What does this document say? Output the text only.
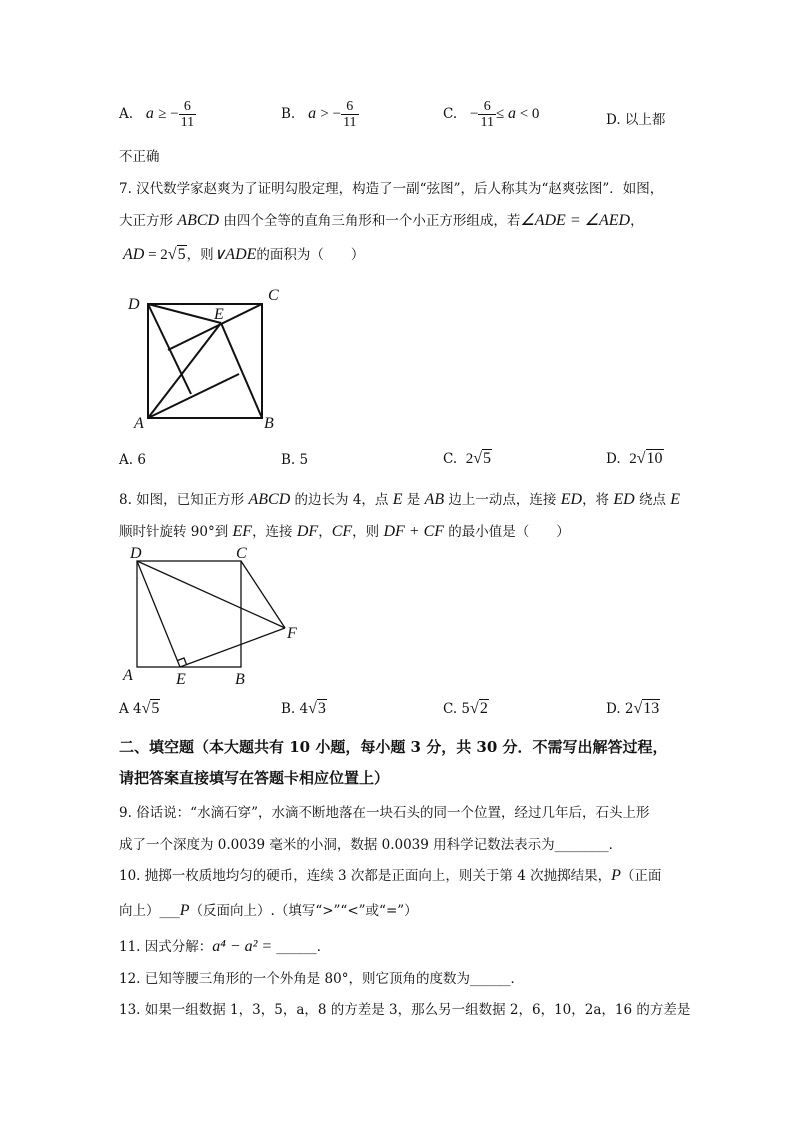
A. a ≥ − $\frac{6}{11}$	B. a > − $\frac{6}{11}$	C. − $\frac{6}{11} \le a < 0$	D. 以上都
不正确
7. 汉代数学家赵爽为了证明勾股定理，构造了一副“弦图”，后人称其为“赵爽弦图”．如图，
大正方形 ABCD 由四个全等的直角三角形和一个小正方形组成，若∠ADE = ∠AED，
AD = 2√5，则∨ADE的面积为（　　）
D
C
E
A	B
A. 6	B. 5	C. 2√5	D. 2√10
8. 如图，已知正方形 ABCD 的边长为 4，点 E 是 AB 边上一动点，连接 ED，将 ED 绕点 E
顺时针旋转 90°到 EF，连接 DF，CF，则 DF + CF 的最小值是（　　）
D	C
F
A	E	B
A 4√5	B. 4√3	C. 5√2	D. 2√13
二、填空题（本大题共有 10 小题，每小题 3 分，共 30 分．不需写出解答过程，
请把答案直接填写在答题卡相应位置上）
9. 俗话说：“水滴石穿”，水滴不断地落在一块石头的同一个位置，经过几年后，石头上形
成了一个深度为 0.0039 毫米的小洞，数据 0.0039 用科学记数法表示为________．
10. 抛掷一枚质地均匀的硬币，连续 3 次都是正面向上，则关于第 4 次抛掷结果，P（正面
向上）___P（反面向上）.（填写“>”“<”或“=”）
11. 因式分解：a⁴ − a² = ______．
12. 已知等腰三角形的一个外角是 80°，则它顶角的度数为______．
13. 如果一组数据 1，3，5，a，8 的方差是 3，那么另一组数据 2，6，10，2a，16 的方差是
